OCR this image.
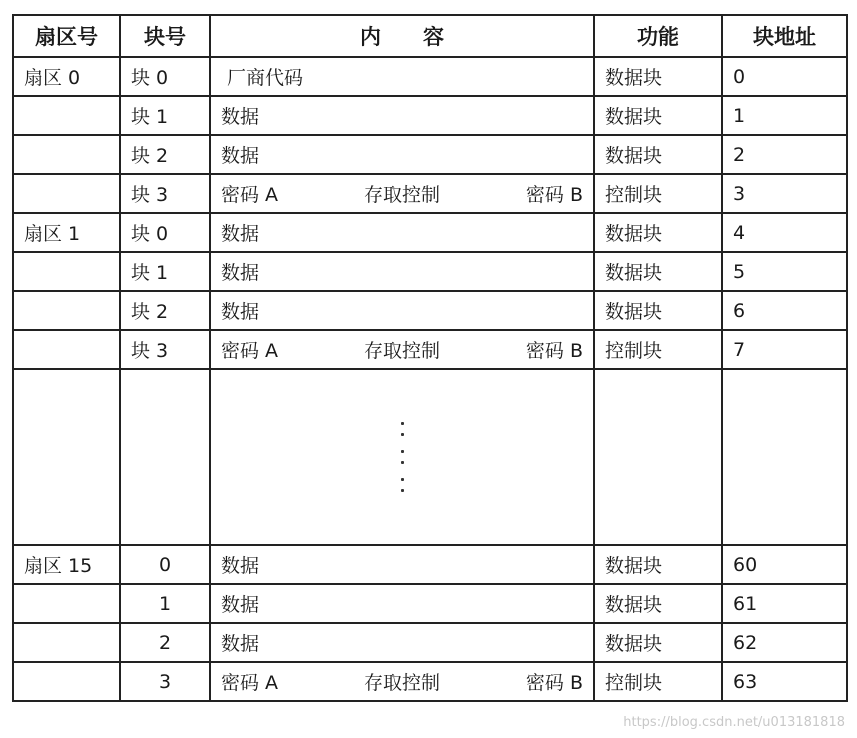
扇区号	块号	内　　容	功能	块地址
扇区 0	块 0	厂商代码	数据块	0
	块 1	数据	数据块	1
	块 2	数据	数据块	2
	块 3	密码 A 存取控制 密码 B	控制块	3
扇区 1	块 0	数据	数据块	4
	块 1	数据	数据块	5
	块 2	数据	数据块	6
	块 3	密码 A 存取控制 密码 B	控制块	7

扇区 15	0	数据	数据块	60
	1	数据	数据块	61
	2	数据	数据块	62
	3	密码 A 存取控制 密码 B	控制块	63
https://blog.csdn.net/u013181818
